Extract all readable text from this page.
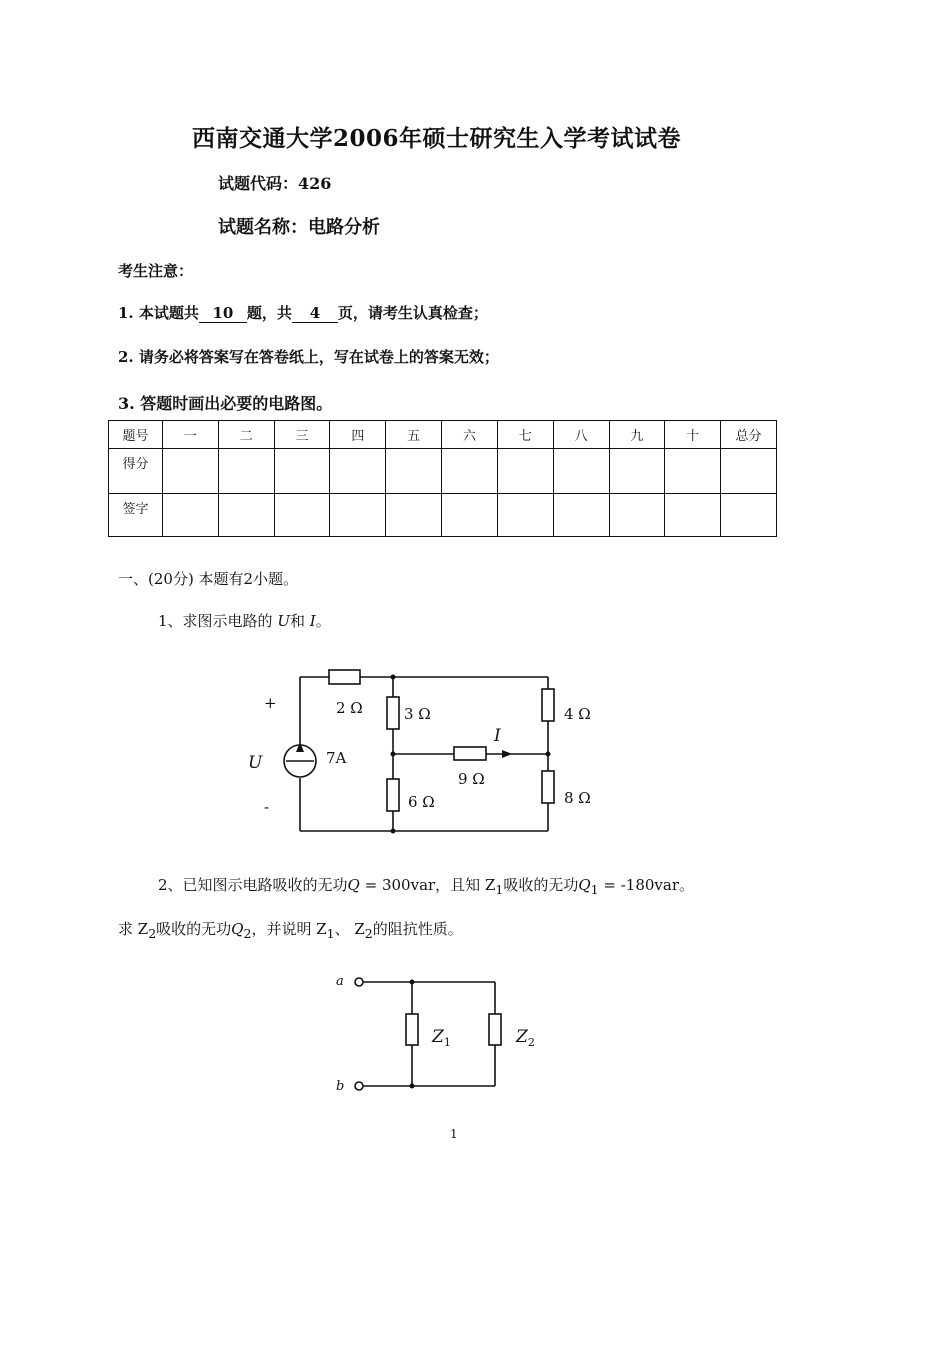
西南交通大学2006年硕士研究生入学考试试卷
试题代码：426
试题名称：电路分析
考生注意：
1. 本试题共 10 题，共 4 页，请考生认真检查；
2. 请务必将答案写在答卷纸上，写在试卷上的答案无效；
3. 答题时画出必要的电路图。
题号	一	二	三	四	五	六	七	八	九	十	总分
得分											
签字											
一、(20分) 本题有2小题。
1、求图示电路的 U和 I。
+
-
U	7A
2 Ω	3 Ω	4 Ω
9 Ω
6 Ω	8 Ω
I
a
b
$Z_1$	$Z_2$
2、已知图示电路吸收的无功Q = 300var，且知 $Z_1$吸收的无功$Q_1 = -180var$。
求 $Z_2$吸收的无功$Q_2$，并说明 $Z_1$、 $Z_2$的阻抗性质。
1
